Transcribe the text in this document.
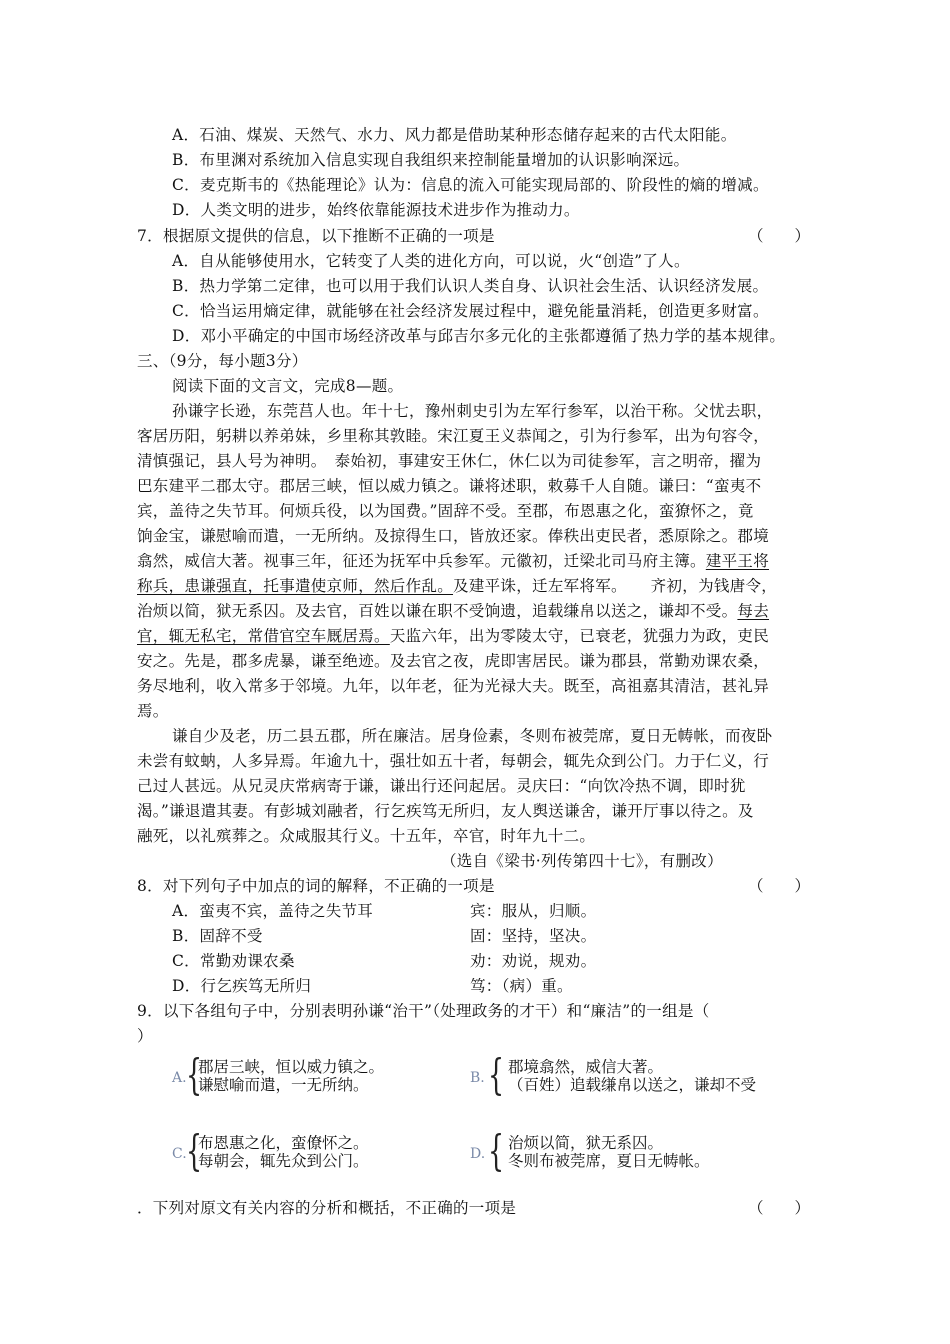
A．石油、煤炭、天然气、水力、风力都是借助某种形态储存起来的古代太阳能。
B．布里渊对系统加入信息实现自我组织来控制能量增加的认识影响深远。
C．麦克斯韦的《热能理论》认为：信息的流入可能实现局部的、阶段性的熵的增减。
D．人类文明的进步，始终依靠能源技术进步作为推动力。
7．根据原文提供的信息，以下推断不正确的一项是	（　　）
A．自从能够使用水，它转变了人类的进化方向，可以说，火“创造”了人。
B．热力学第二定律，也可以用于我们认识人类自身、认识社会生活、认识经济发展。
C．恰当运用熵定律，就能够在社会经济发展过程中，避免能量消耗，创造更多财富。
D．邓小平确定的中国市场经济改革与邱吉尔多元化的主张都遵循了热力学的基本规律。
三、（9分，每小题3分）
阅读下面的文言文，完成8—题。
孙谦字长逊，东莞莒人也。年十七，豫州刺史引为左军行参军，以治干称。父忧去职，
客居历阳，躬耕以养弟妹，乡里称其敦睦。宋江夏王义恭闻之，引为行参军，出为句容令，
清慎强记，县人号为神明。　泰始初，事建安王休仁，休仁以为司徒参军，言之明帝，擢为
巴东建平二郡太守。郡居三峡，恒以威力镇之。谦将述职，敕募千人自随。谦曰：“蛮夷不
宾，盖待之失节耳。何烦兵役，以为国费。”固辞不受。至郡，布恩惠之化，蛮獠怀之，竟
饷金宝，谦慰喻而遣，一无所纳。及掠得生口，皆放还家。俸秩出吏民者，悉原除之。郡境
翕然，威信大著。视事三年，征还为抚军中兵参军。元徽初，迁梁北司马府主簿。建平王将
称兵，患谦强直，托事遣使京师，然后作乱。及建平诛，迁左军将军。　　齐初，为钱唐令，
治烦以简，狱无系囚。及去官，百姓以谦在职不受饷遗，追载缣帛以送之，谦却不受。每去
官，辄无私宅，常借官空车厩居焉。天监六年，出为零陵太守，已衰老，犹强力为政，吏民
安之。先是，郡多虎暴，谦至绝迹。及去官之夜，虎即害居民。谦为郡县，常勤劝课农桑，
务尽地利，收入常多于邻境。九年，以年老，征为光禄大夫。既至，高祖嘉其清洁，甚礼异
焉。
谦自少及老，历二县五郡，所在廉洁。居身俭素，冬则布被莞席，夏日无帱帐，而夜卧
未尝有蚊蚋，人多异焉。年逾九十，强壮如五十者，每朝会，辄先众到公门。力于仁义，行
己过人甚远。从兄灵庆常病寄于谦，谦出行还问起居。灵庆曰：“向饮冷热不调，即时犹
渴。”谦退遣其妻。有彭城刘融者，行乞疾笃无所归，友人舆送谦舍，谦开厅事以待之。及
融死，以礼殡葬之。众咸服其行义。十五年，卒官，时年九十二。
（选自《梁书·列传第四十七》，有删改）
8．对下列句子中加点的词的解释，不正确的一项是	（　　）
A．蛮夷不宾，盖待之失节耳	宾：服从，归顺。
B．固辞不受	固：坚持，坚决。
C．常勤劝课农桑	劝：劝说，规劝。
D．行乞疾笃无所归	笃：（病）重。
9．以下各组句子中，分别表明孙谦“治干”（处理政务的才干）和“廉洁”的一组是（
）
A. {
郡居三峡，恒以威力镇之。
谦慰喻而遣，一无所纳。	B. { 郡境翕然，威信大著。
（百姓）追载缣帛以送之，谦却不受
C. {
布恩惠之化，蛮僚怀之。
每朝会，辄先众到公门。	D. { 治烦以简，狱无系囚。
冬则布被莞席，夏日无帱帐。
．下列对原文有关内容的分析和概括，不正确的一项是	（　　）
